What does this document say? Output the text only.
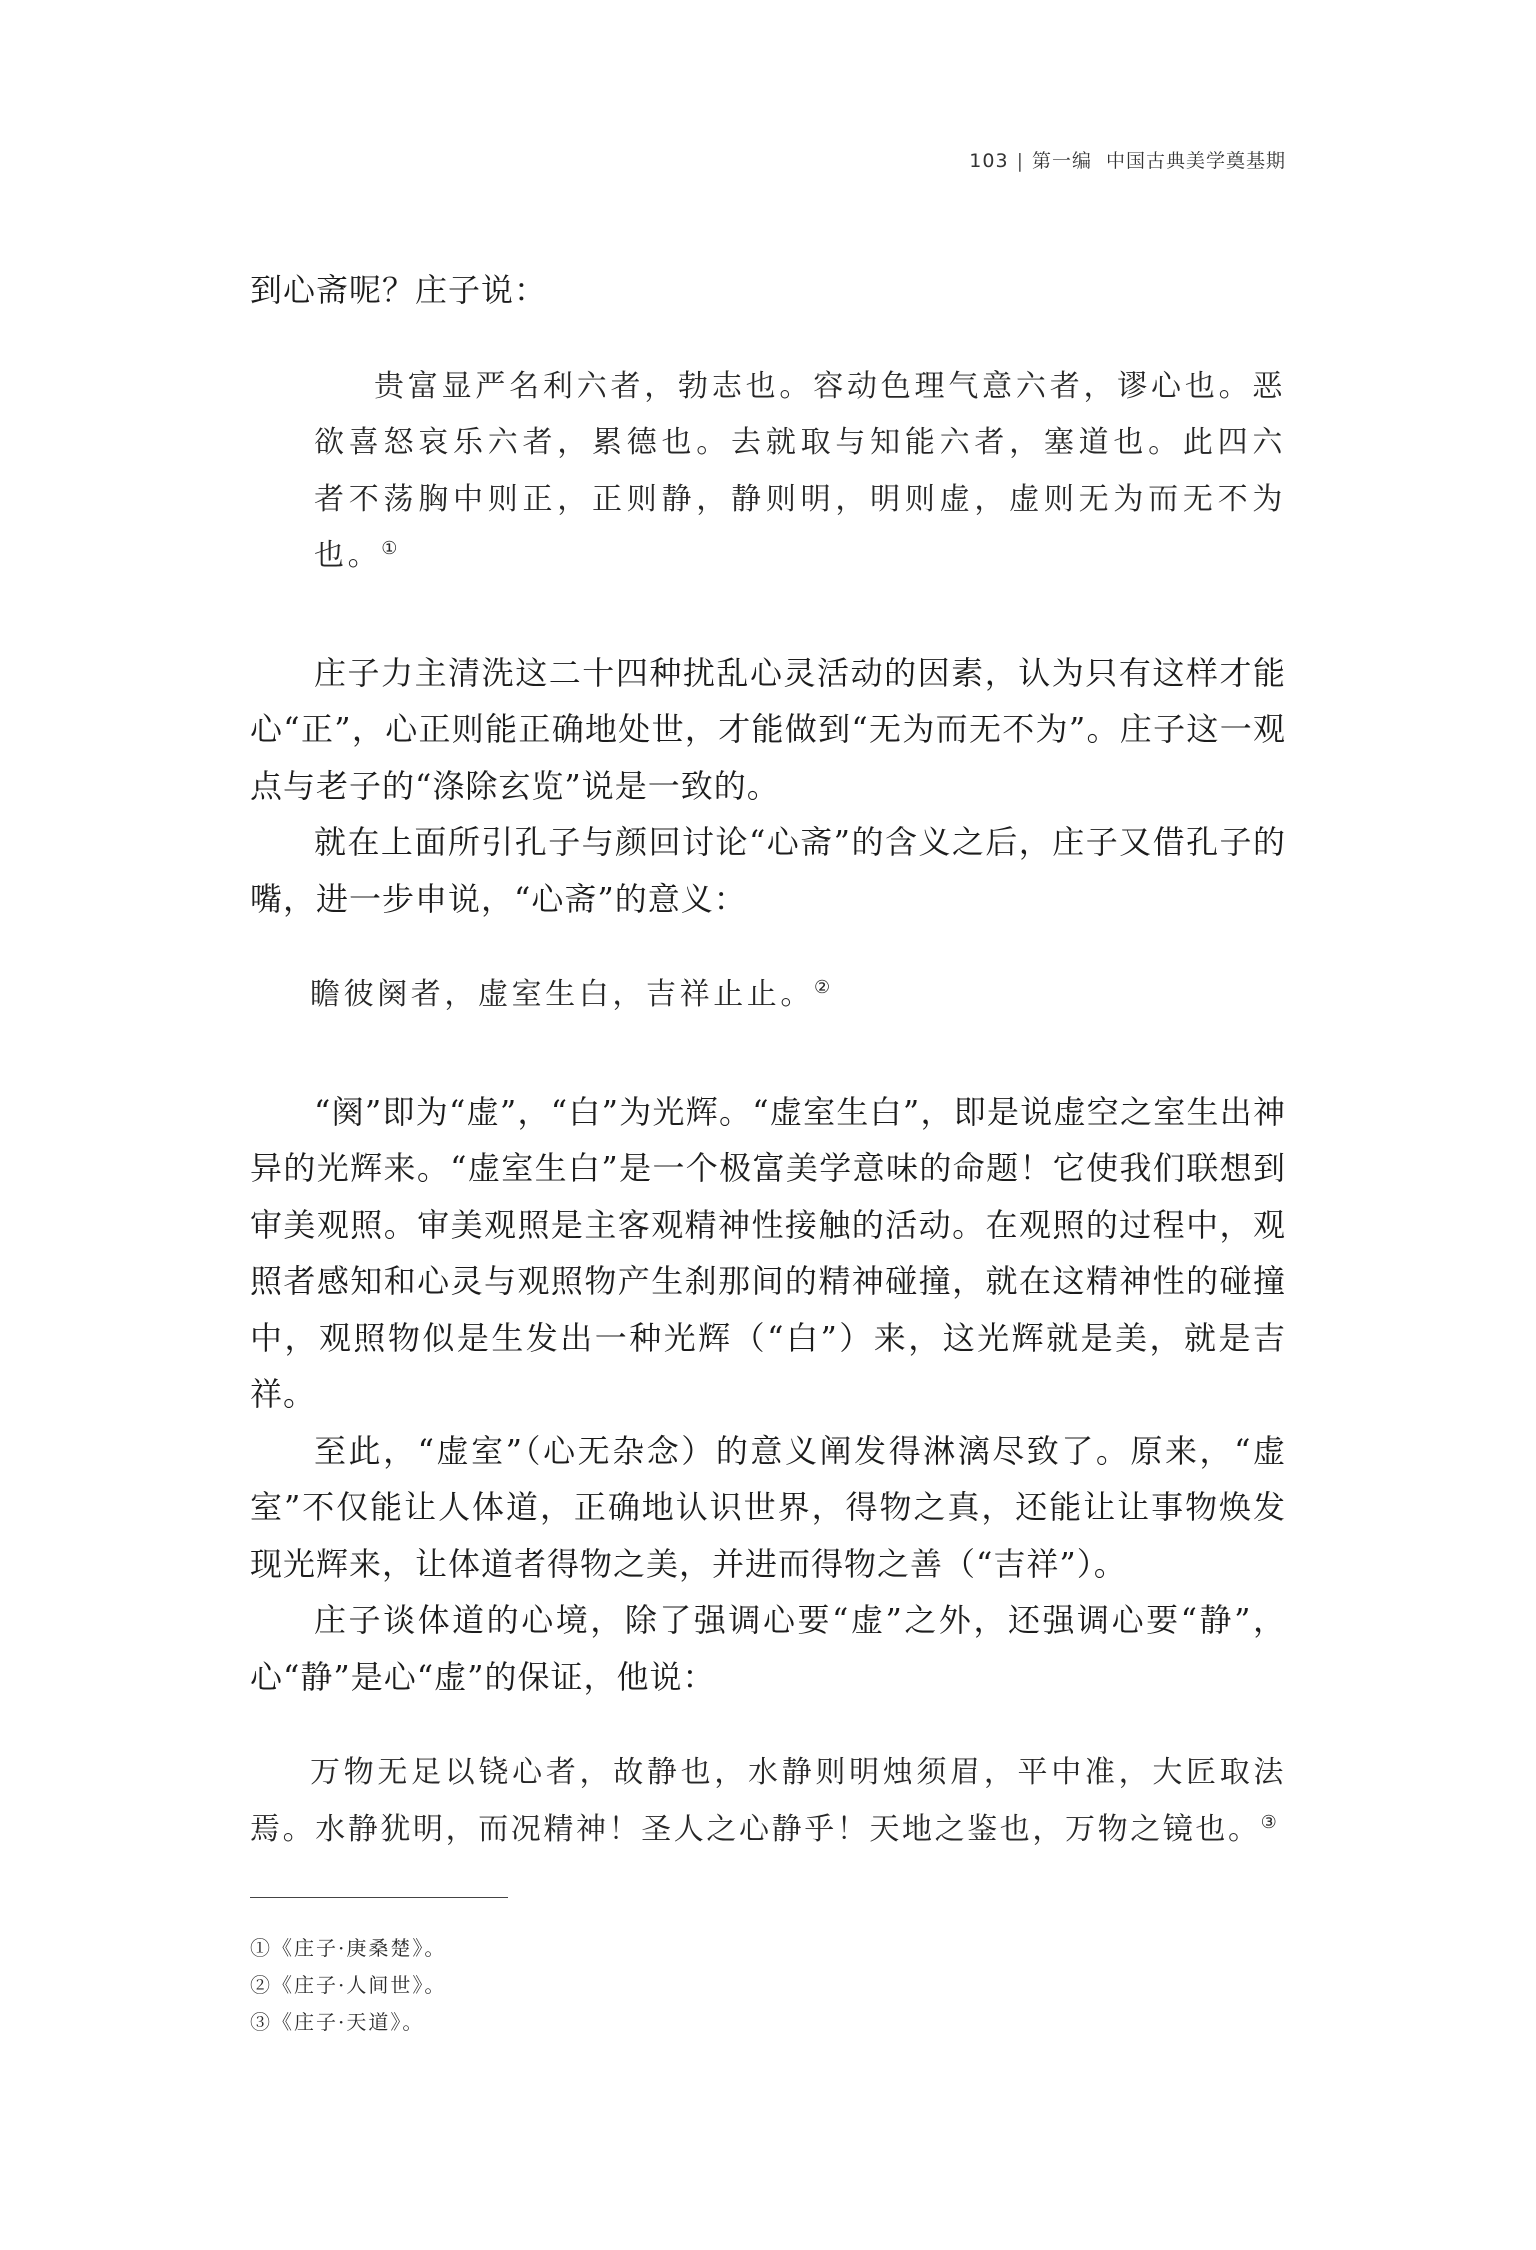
103 | 第一编 中国古典美学奠基期

到心斋呢？庄子说：

贵富显严名利六者，勃志也。容动色理气意六者，谬心也。恶欲喜怒哀乐六者，累德也。去就取与知能六者，塞道也。此四六者不荡胸中则正，正则静，静则明，明则虚，虚则无为而无不为也。①

庄子力主清洗这二十四种扰乱心灵活动的因素，认为只有这样才能心“正”，心正则能正确地处世，才能做到“无为而无不为”。庄子这一观点与老子的“涤除玄览”说是一致的。

就在上面所引孔子与颜回讨论“心斋”的含义之后，庄子又借孔子的嘴，进一步申说，“心斋”的意义：

瞻彼阕者，虚室生白，吉祥止止。②

“阕”即为“虚”，“白”为光辉。“虚室生白”，即是说虚空之室生出神异的光辉来。“虚室生白”是一个极富美学意味的命题！它使我们联想到审美观照。审美观照是主客观精神性接触的活动。在观照的过程中，观照者感知和心灵与观照物产生刹那间的精神碰撞，就在这精神性的碰撞中，观照物似是生发出一种光辉（“白”）来，这光辉就是美，就是吉祥。

至此，“虚室”（心无杂念）的意义阐发得淋漓尽致了。原来，“虚室”不仅能让人体道，正确地认识世界，得物之真，还能让让事物焕发现光辉来，让体道者得物之美，并进而得物之善（“吉祥”）。

庄子谈体道的心境，除了强调心要“虚”之外，还强调心要“静”，心“静”是心“虚”的保证，他说：

万物无足以铙心者，故静也，水静则明烛须眉，平中准，大匠取法焉。水静犹明，而况精神！圣人之心静乎！天地之鉴也，万物之镜也。③

①《庄子·庚桑楚》。
②《庄子·人间世》。
③《庄子·天道》。
